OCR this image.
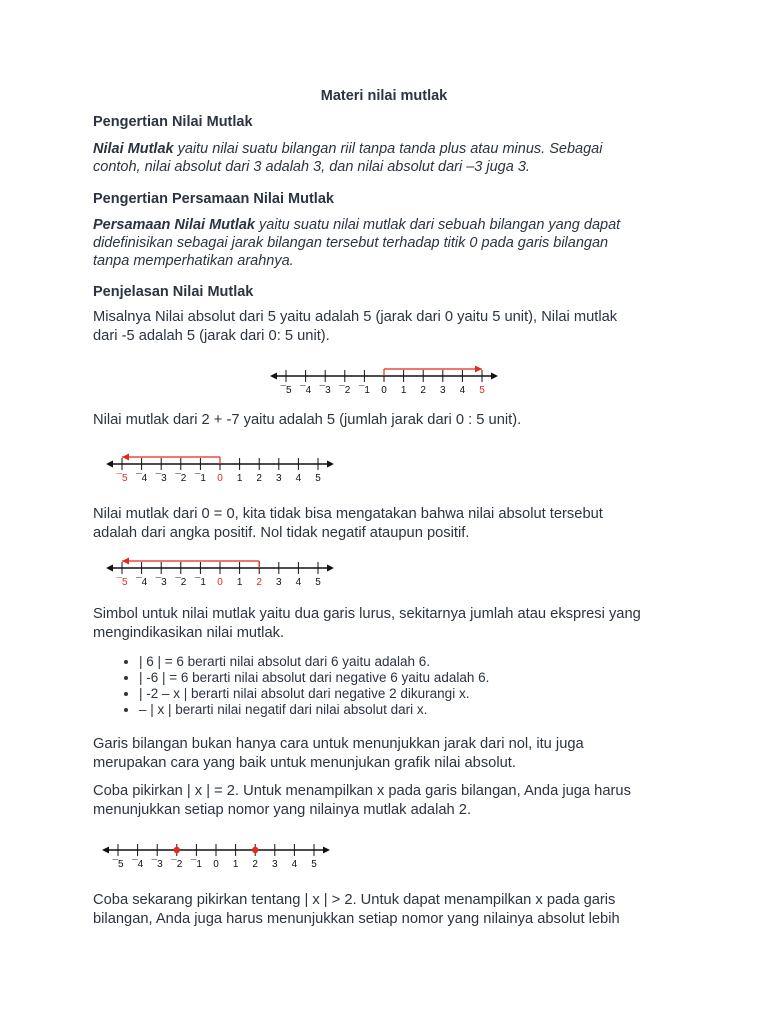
Materi nilai mutlak
Pengertian Nilai Mutlak
Nilai Mutlak yaitu nilai suatu bilangan riil tanpa tanda plus atau minus. Sebagai
contoh, nilai absolut dari 3 adalah 3, dan nilai absolut dari –3 juga 3.
Pengertian Persamaan Nilai Mutlak
Persamaan Nilai Mutlak yaitu suatu nilai mutlak dari sebuah bilangan yang dapat
didefinisikan sebagai jarak bilangan tersebut terhadap titik 0 pada garis bilangan
tanpa memperhatikan arahnya.
Penjelasan Nilai Mutlak
Misalnya Nilai absolut dari 5 yaitu adalah 5 (jarak dari 0 yaitu 5 unit), Nilai mutlak
dari -5 adalah 5 (jarak dari 0: 5 unit).
¯5 ¯4 ¯3 ¯2 ¯1 0 1 2 3 4 5
Nilai mutlak dari 2 + -7 yaitu adalah 5 (jumlah jarak dari 0 : 5 unit).
¯5 ¯4 ¯3 ¯2 ¯1 0 1 2 3 4 5
Nilai mutlak dari 0 = 0, kita tidak bisa mengatakan bahwa nilai absolut tersebut
adalah dari angka positif. Nol tidak negatif ataupun positif.
¯5 ¯4 ¯3 ¯2 ¯1 0 1 2 3 4 5
Simbol untuk nilai mutlak yaitu dua garis lurus, sekitarnya jumlah atau ekspresi yang
mengindikasikan nilai mutlak.
• | 6 | = 6 berarti nilai absolut dari 6 yaitu adalah 6.
• | -6 | = 6 berarti nilai absolut dari negative 6 yaitu adalah 6.
• | -2 – x | berarti nilai absolut dari negative 2 dikurangi x.
• – | x | berarti nilai negatif dari nilai absolut dari x.
Garis bilangan bukan hanya cara untuk menunjukkan jarak dari nol, itu juga
merupakan cara yang baik untuk menunjukan grafik nilai absolut.
Coba pikirkan | x | = 2. Untuk menampilkan x pada garis bilangan, Anda juga harus
menunjukkan setiap nomor yang nilainya mutlak adalah 2.
¯5 ¯4 ¯3 ¯2 ¯1 0 1 2 3 4 5
Coba sekarang pikirkan tentang | x | > 2. Untuk dapat menampilkan x pada garis
bilangan, Anda juga harus menunjukkan setiap nomor yang nilainya absolut lebih
